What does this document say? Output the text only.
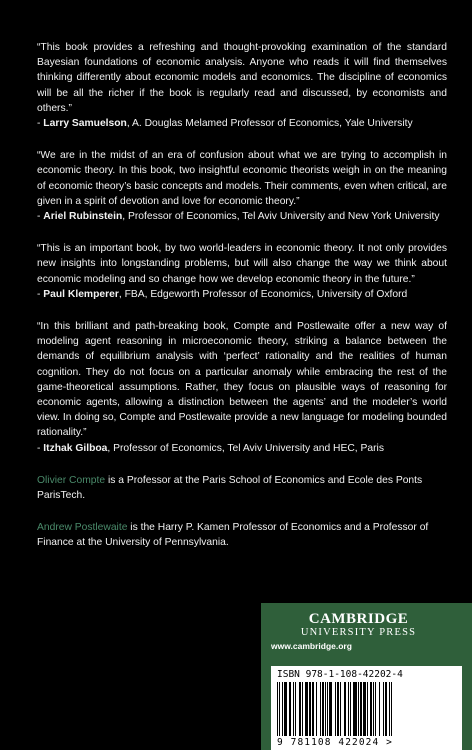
“This book provides a refreshing and thought-provoking examination of the standard Bayesian foundations of economic analysis. Anyone who reads it will find themselves thinking differently about economic models and economics. The discipline of economics will be all the richer if the book is regularly read and discussed, by economists and others.”

- Larry Samuelson, A. Douglas Melamed Professor of Economics, Yale University

“We are in the midst of an era of confusion about what we are trying to accomplish in economic theory. In this book, two insightful economic theorists weigh in on the meaning of economic theory’s basic concepts and models. Their comments, even when critical, are given in a spirit of devotion and love for economic theory.”

- Ariel Rubinstein, Professor of Economics, Tel Aviv University and New York University

“This is an important book, by two world-leaders in economic theory. It not only provides new insights into longstanding problems, but will also change the way we think about economic modeling and so change how we develop economic theory in the future.”

- Paul Klemperer, FBA, Edgeworth Professor of Economics, University of Oxford

“In this brilliant and path-breaking book, Compte and Postlewaite offer a new way of modeling agent reasoning in microeconomic theory, striking a balance between the demands of equilibrium analysis with ‘perfect’ rationality and the realities of human cognition. They do not focus on a particular anomaly while embracing the rest of the game-theoretical assumptions. Rather, they focus on plausible ways of reasoning for economic agents, allowing a distinction between the agents’ and the modeler’s world view. In doing so, Compte and Postlewaite provide a new language for modeling bounded rationality.”

- Itzhak Gilboa, Professor of Economics, Tel Aviv University and HEC, Paris

Olivier Compte is a Professor at the Paris School of Economics and Ecole des Ponts ParisTech.

Andrew Postlewaite is the Harry P. Kamen Professor of Economics and a Professor of Finance at the University of Pennsylvania.

CAMBRIDGE
UNIVERSITY PRESS
www.cambridge.org
ISBN 978-1-108-42202-4
9 781108 422024 >
